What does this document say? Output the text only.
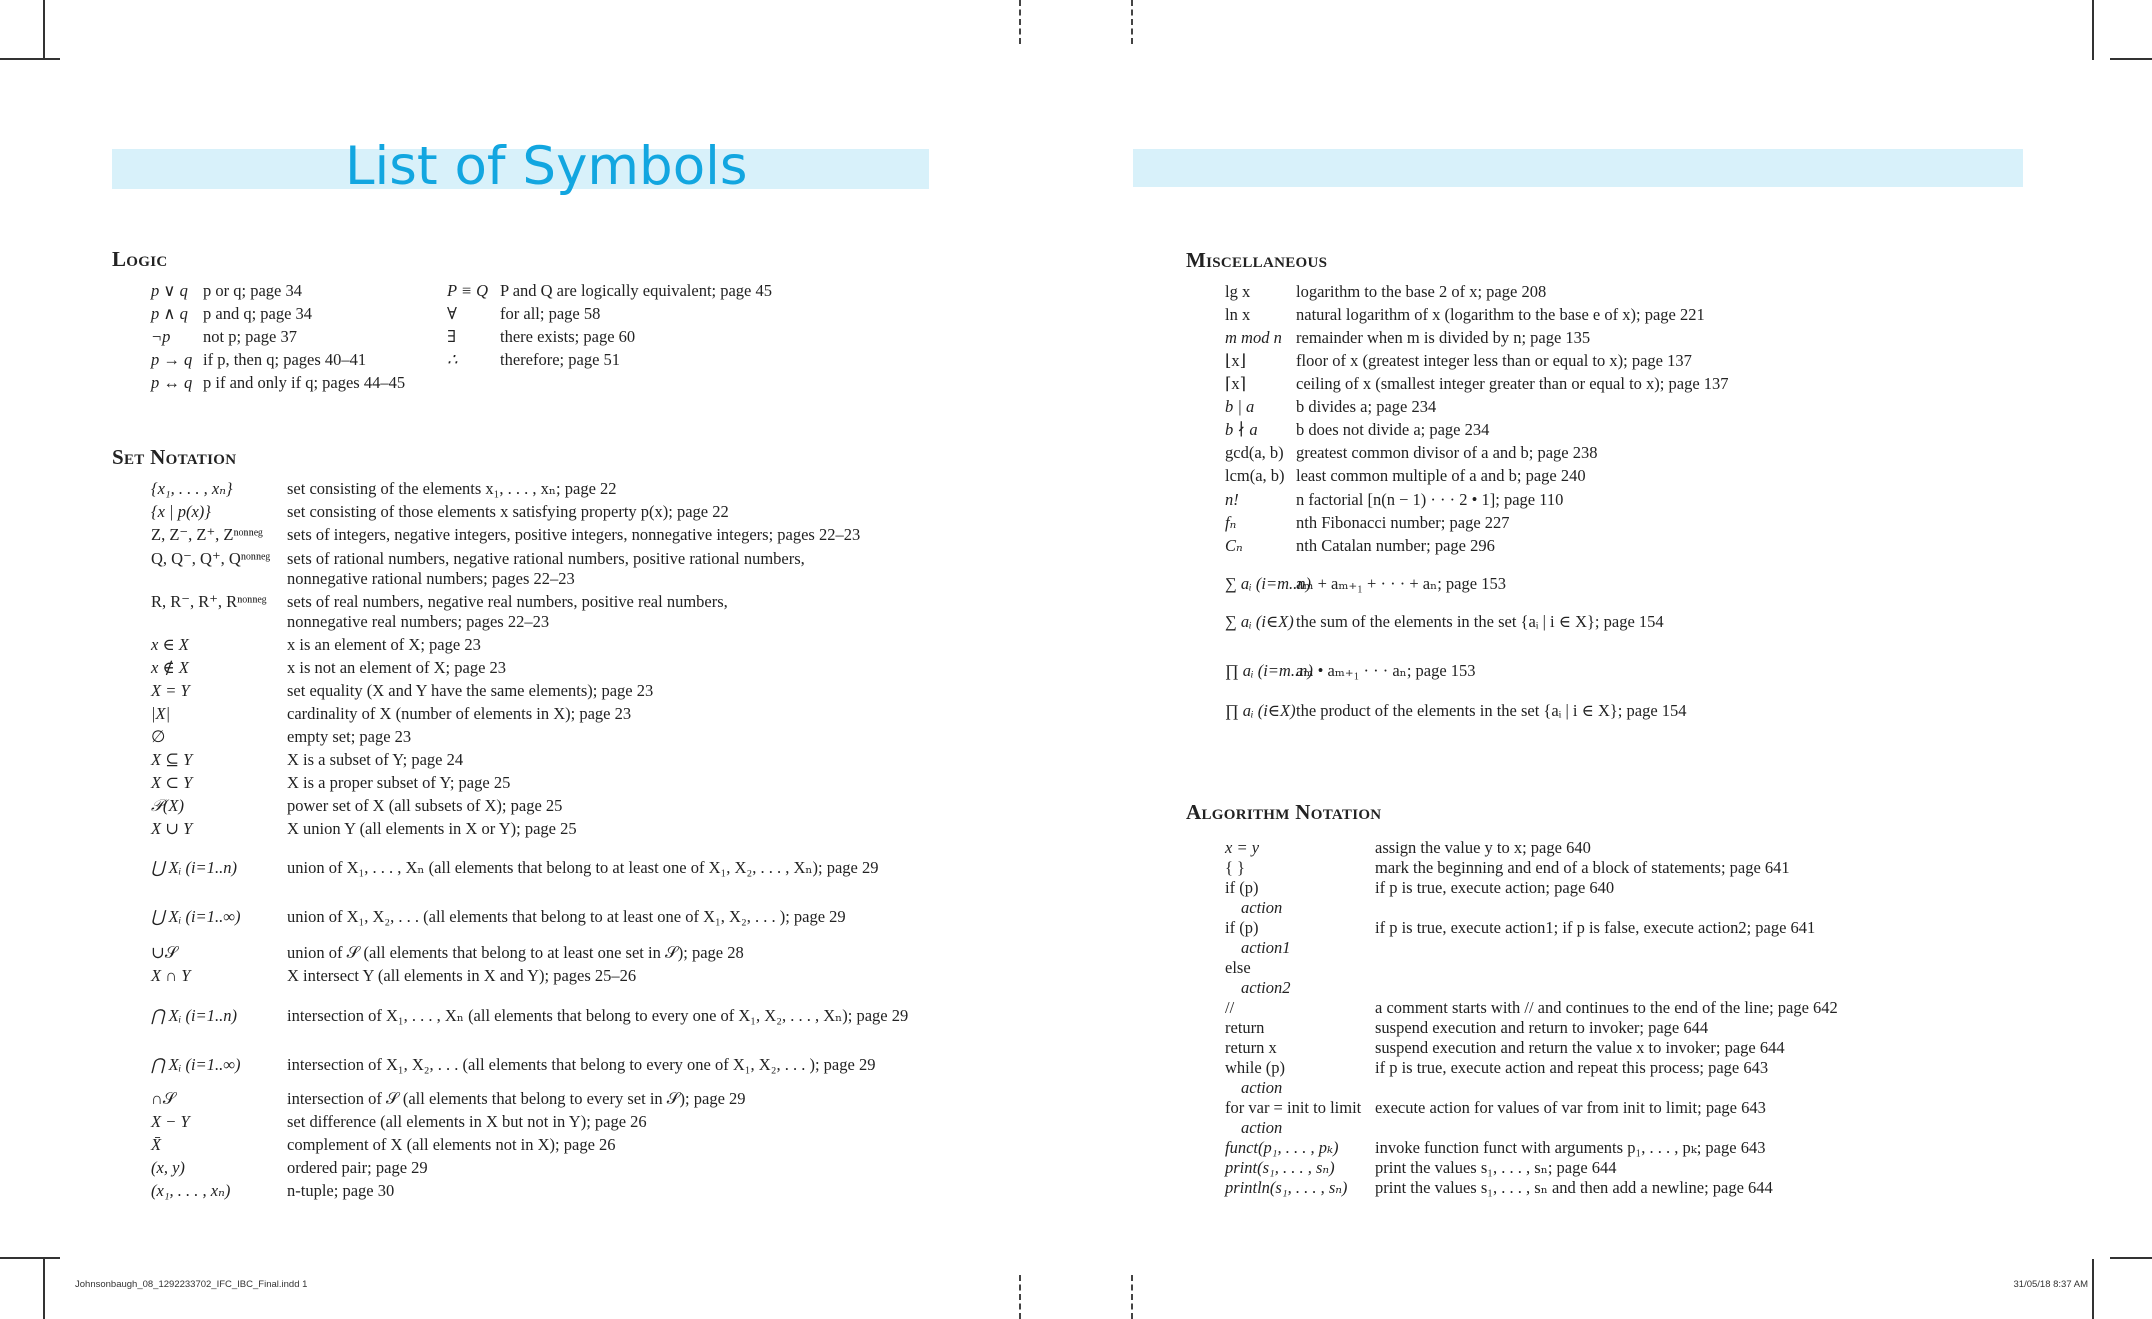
List of Symbols
Logic
p ∨ q p or q; page 34
p ∧ q p and q; page 34
¬p not p; page 37
p → q if p, then q; pages 40–41
p ↔ q p if and only if q; pages 44–45
P ≡ Q P and Q are logically equivalent; page 45
∀	for all; page 58
∃	there exists; page 60
∴	therefore; page 51
Set Notation
{x₁, . . . , xₙ}	set consisting of the elements x₁, . . . , xₙ; page 22
{x | p(x)}	set consisting of those elements x satisfying property p(x); page 22
Z, Z⁻, Z⁺, Zⁿᵒⁿⁿᵉᵍ sets of integers, negative integers, positive integers, nonnegative integers; pages 22–23
Q, Q⁻, Q⁺, Qⁿᵒⁿⁿᵉᵍ sets of rational numbers, negative rational numbers, positive rational numbers,
nonnegative rational numbers; pages 22–23
R, R⁻, R⁺, Rⁿᵒⁿⁿᵉᵍ sets of real numbers, negative real numbers, positive real numbers,
nonnegative real numbers; pages 22–23
x ∈ X	x is an element of X; page 23
x ∉ X	x is not an element of X; page 23
X = Y	set equality (X and Y have the same elements); page 23
|X|	cardinality of X (number of elements in X); page 23
∅	empty set; page 23
X ⊆ Y	X is a subset of Y; page 24
X ⊂ Y	X is a proper subset of Y; page 25
𝒫(X)	power set of X (all subsets of X); page 25
X ∪ Y	X union Y (all elements in X or Y); page 25
⋃ Xᵢ (i=1..n)	union of X₁, . . . , Xₙ (all elements that belong to at least one of X₁, X₂, . . . , Xₙ); page 29
⋃ Xᵢ (i=1..∞)	union of X₁, X₂, . . . (all elements that belong to at least one of X₁, X₂, . . . ); page 29
∪𝒮	union of 𝒮 (all elements that belong to at least one set in 𝒮); page 28
X ∩ Y	X intersect Y (all elements in X and Y); pages 25–26
⋂ Xᵢ (i=1..n)	intersection of X₁, . . . , Xₙ (all elements that belong to every one of X₁, X₂, . . . , Xₙ); page 29
⋂ Xᵢ (i=1..∞)	intersection of X₁, X₂, . . . (all elements that belong to every one of X₁, X₂, . . . ); page 29
∩𝒮	intersection of 𝒮 (all elements that belong to every set in 𝒮); page 29
X − Y	set difference (all elements in X but not in Y); page 26
X̄	complement of X (all elements not in X); page 26
(x, y)	ordered pair; page 29
(x₁, . . . , xₙ)	n-tuple; page 30
Miscellaneous
lg x	logarithm to the base 2 of x; page 208
ln x	natural logarithm of x (logarithm to the base e of x); page 221
m mod n remainder when m is divided by n; page 135
⌊x⌋	floor of x (greatest integer less than or equal to x); page 137
⌈x⌉	ceiling of x (smallest integer greater than or equal to x); page 137
b | a	b divides a; page 234
b ∤ a b does not divide a; page 234
gcd(a, b) greatest common divisor of a and b; page 238
lcm(a, b) least common multiple of a and b; page 240
n!	n factorial [n(n − 1) · · · 2 • 1]; page 110
fₙ	nth Fibonacci number; page 227
Cₙ	nth Catalan number; page 296
∑ aᵢ (i=m..n)
aₘ + aₘ₊₁ + · · · + aₙ; page 153
∑ aᵢ (i∈X) the sum of the elements in the set {aᵢ | i ∈ X}; page 154
∏ aᵢ (i=m..n)
aₘ • aₘ₊₁ · · · aₙ; page 153
∏ aᵢ (i∈X) the product of the elements in the set {aᵢ | i ∈ X}; page 154
Algorithm Notation
x = y	assign the value y to x; page 640
{ }	mark the beginning and end of a block of statements; page 641
if (p)	if p is true, execute action; page 640
action
if (p)	if p is true, execute action1; if p is false, execute action2; page 641
action1
else
action2
//	a comment starts with // and continues to the end of the line; page 642
return	suspend execution and return to invoker; page 644
return x	suspend execution and return the value x to invoker; page 644
while (p)	if p is true, execute action and repeat this process; page 643
action
for var = init to limit execute action for values of var from init to limit; page 643
action
funct(p₁, . . . , pₖ) invoke function funct with arguments p₁, . . . , pₖ; page 643
print(s₁, . . . , sₙ) print the values s₁, . . . , sₙ; page 644
println(s₁, . . . , sₙ) print the values s₁, . . . , sₙ and then add a newline; page 644
Johnsonbaugh_08_1292233702_IFC_IBC_Final.indd 1	31/05/18 8:37 AM
